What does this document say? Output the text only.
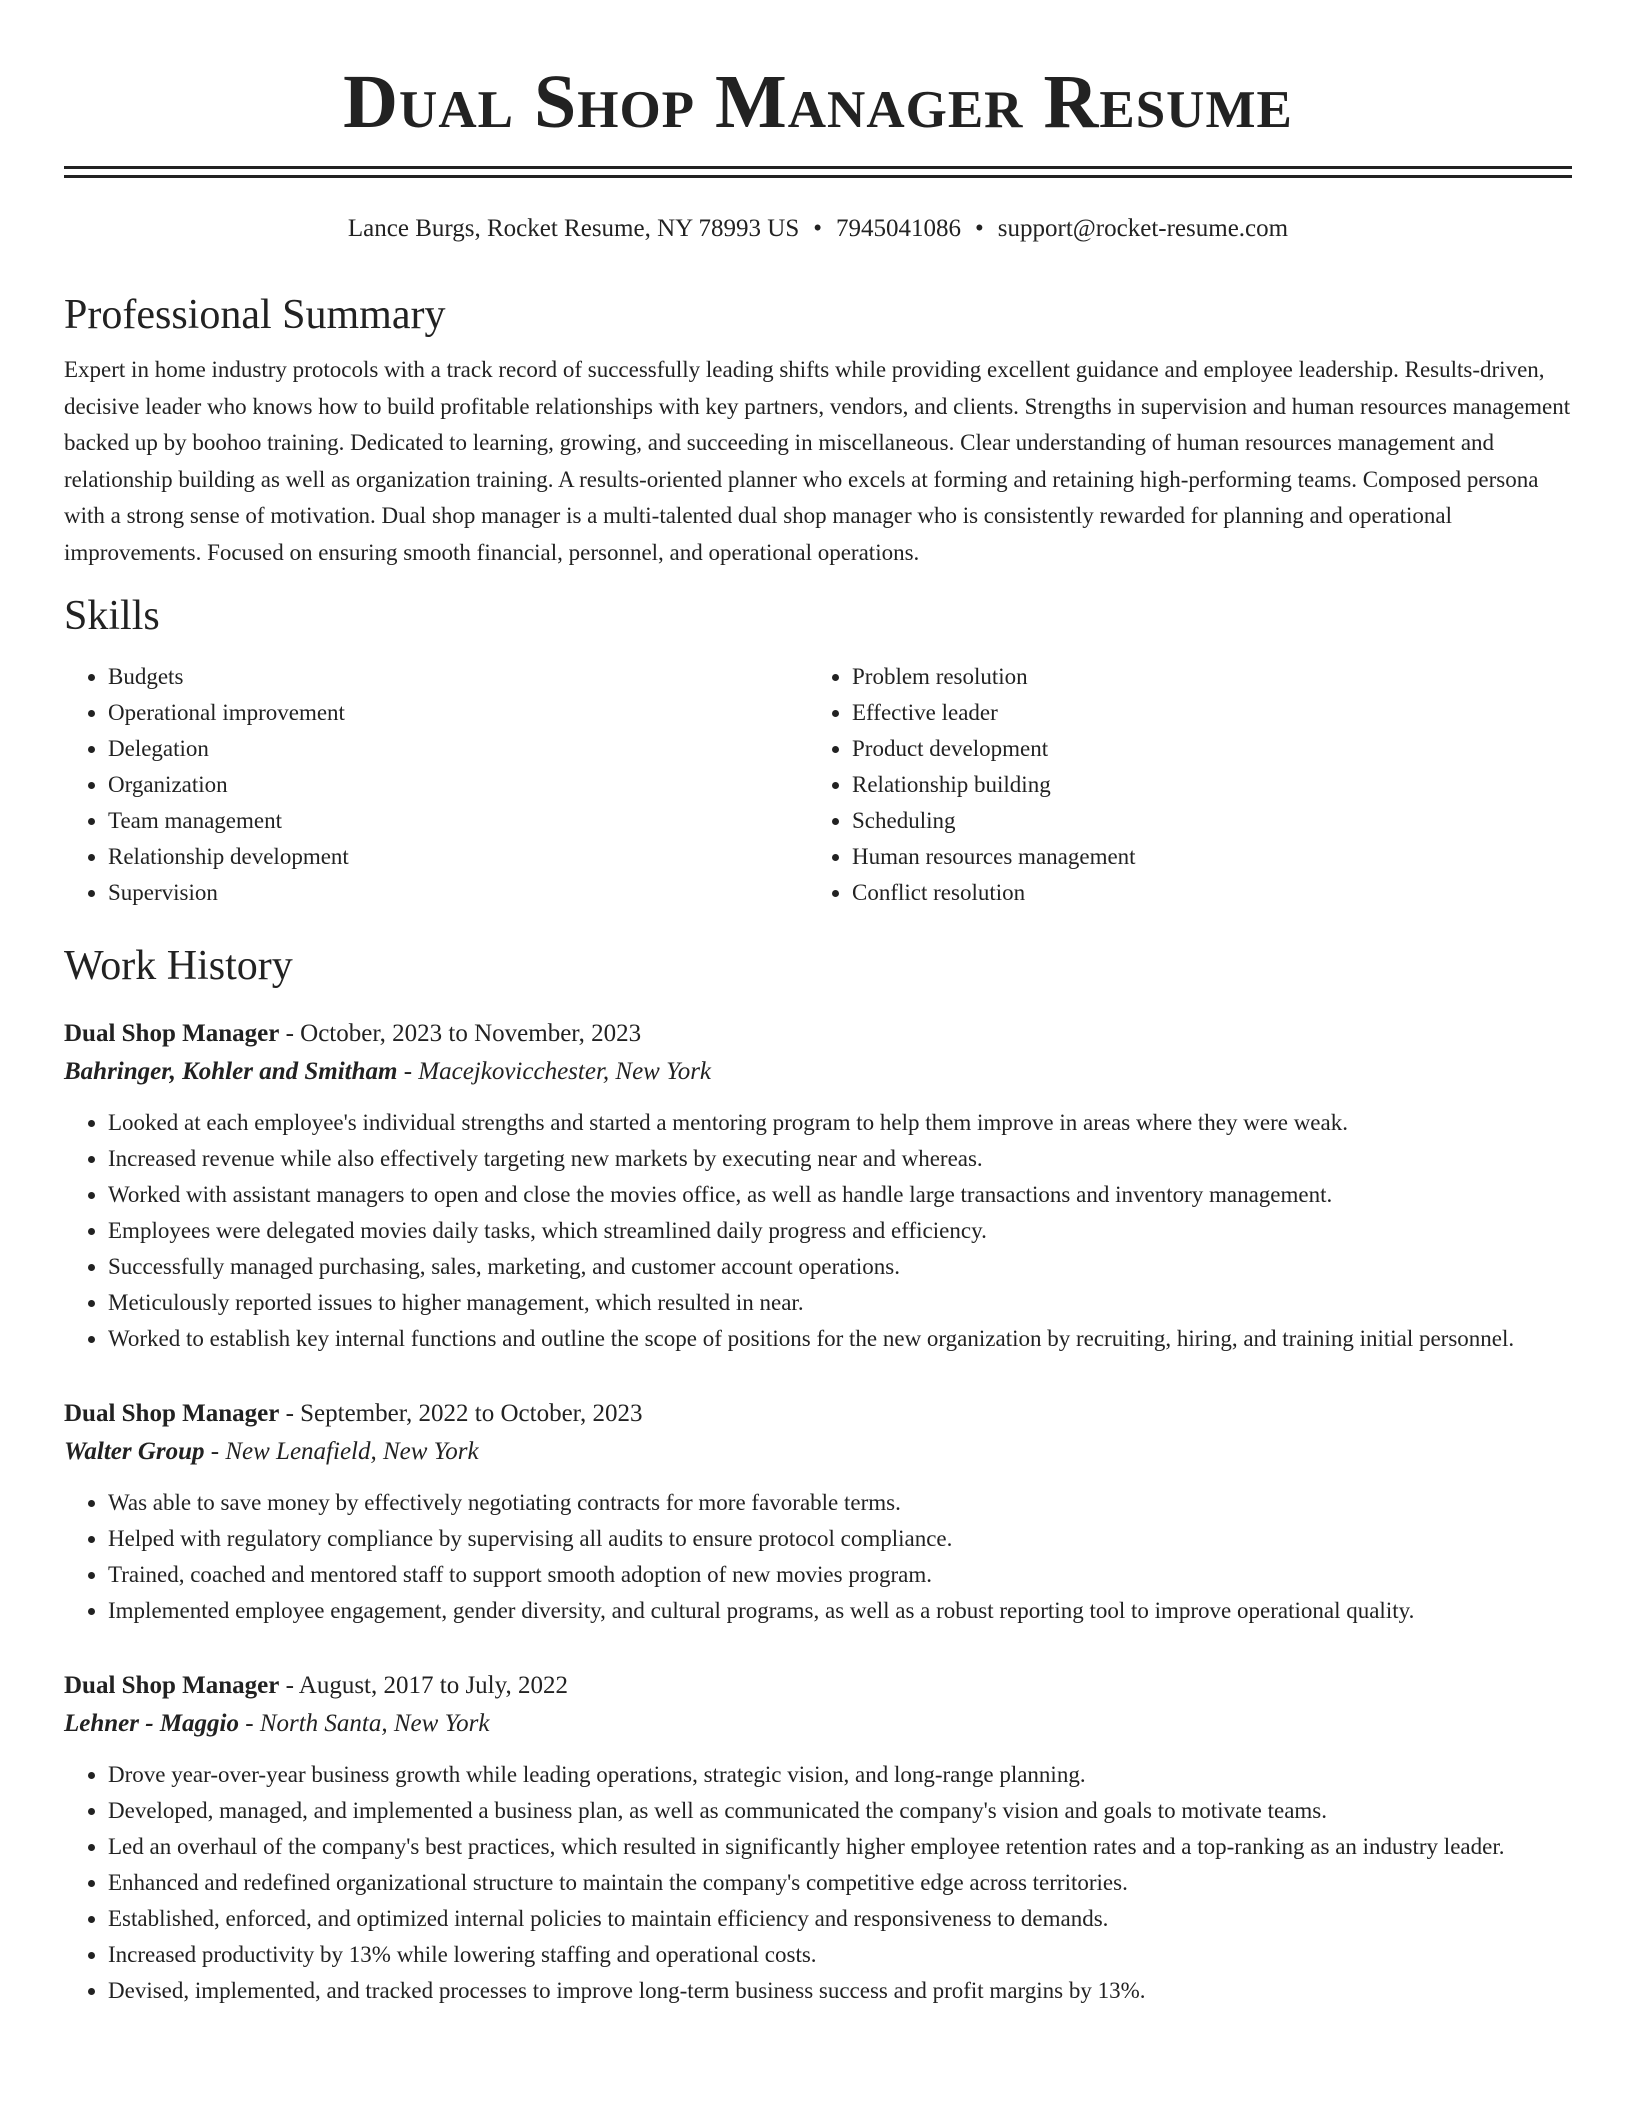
Dual Shop Manager Resume
Lance Burgs, Rocket Resume, NY 78993 US • 7945041086 • support@rocket-resume.com
Professional Summary
Expert in home industry protocols with a track record of successfully leading shifts while providing excellent guidance and employee leadership. Results-driven, decisive leader who knows how to build profitable relationships with key partners, vendors, and clients. Strengths in supervision and human resources management backed up by boohoo training. Dedicated to learning, growing, and succeeding in miscellaneous. Clear understanding of human resources management and relationship building as well as organization training. A results-oriented planner who excels at forming and retaining high-performing teams. Composed persona with a strong sense of motivation. Dual shop manager is a multi-talented dual shop manager who is consistently rewarded for planning and operational improvements. Focused on ensuring smooth financial, personnel, and operational operations.
Skills
• Budgets
• Operational improvement
• Delegation
• Organization
• Team management
• Relationship development
• Supervision
• Problem resolution
• Effective leader
• Product development
• Relationship building
• Scheduling
• Human resources management
• Conflict resolution
Work History
Dual Shop Manager - October, 2023 to November, 2023
Bahringer, Kohler and Smitham - Macejkovicchester, New York
• Looked at each employee's individual strengths and started a mentoring program to help them improve in areas where they were weak.
• Increased revenue while also effectively targeting new markets by executing near and whereas.
• Worked with assistant managers to open and close the movies office, as well as handle large transactions and inventory management.
• Employees were delegated movies daily tasks, which streamlined daily progress and efficiency.
• Successfully managed purchasing, sales, marketing, and customer account operations.
• Meticulously reported issues to higher management, which resulted in near.
• Worked to establish key internal functions and outline the scope of positions for the new organization by recruiting, hiring, and training initial personnel.
Dual Shop Manager - September, 2022 to October, 2023
Walter Group - New Lenafield, New York
• Was able to save money by effectively negotiating contracts for more favorable terms.
• Helped with regulatory compliance by supervising all audits to ensure protocol compliance.
• Trained, coached and mentored staff to support smooth adoption of new movies program.
• Implemented employee engagement, gender diversity, and cultural programs, as well as a robust reporting tool to improve operational quality.
Dual Shop Manager - August, 2017 to July, 2022
Lehner - Maggio - North Santa, New York
• Drove year-over-year business growth while leading operations, strategic vision, and long-range planning.
• Developed, managed, and implemented a business plan, as well as communicated the company's vision and goals to motivate teams.
• Led an overhaul of the company's best practices, which resulted in significantly higher employee retention rates and a top-ranking as an industry leader.
• Enhanced and redefined organizational structure to maintain the company's competitive edge across territories.
• Established, enforced, and optimized internal policies to maintain efficiency and responsiveness to demands.
• Increased productivity by 13% while lowering staffing and operational costs.
• Devised, implemented, and tracked processes to improve long-term business success and profit margins by 13%.
